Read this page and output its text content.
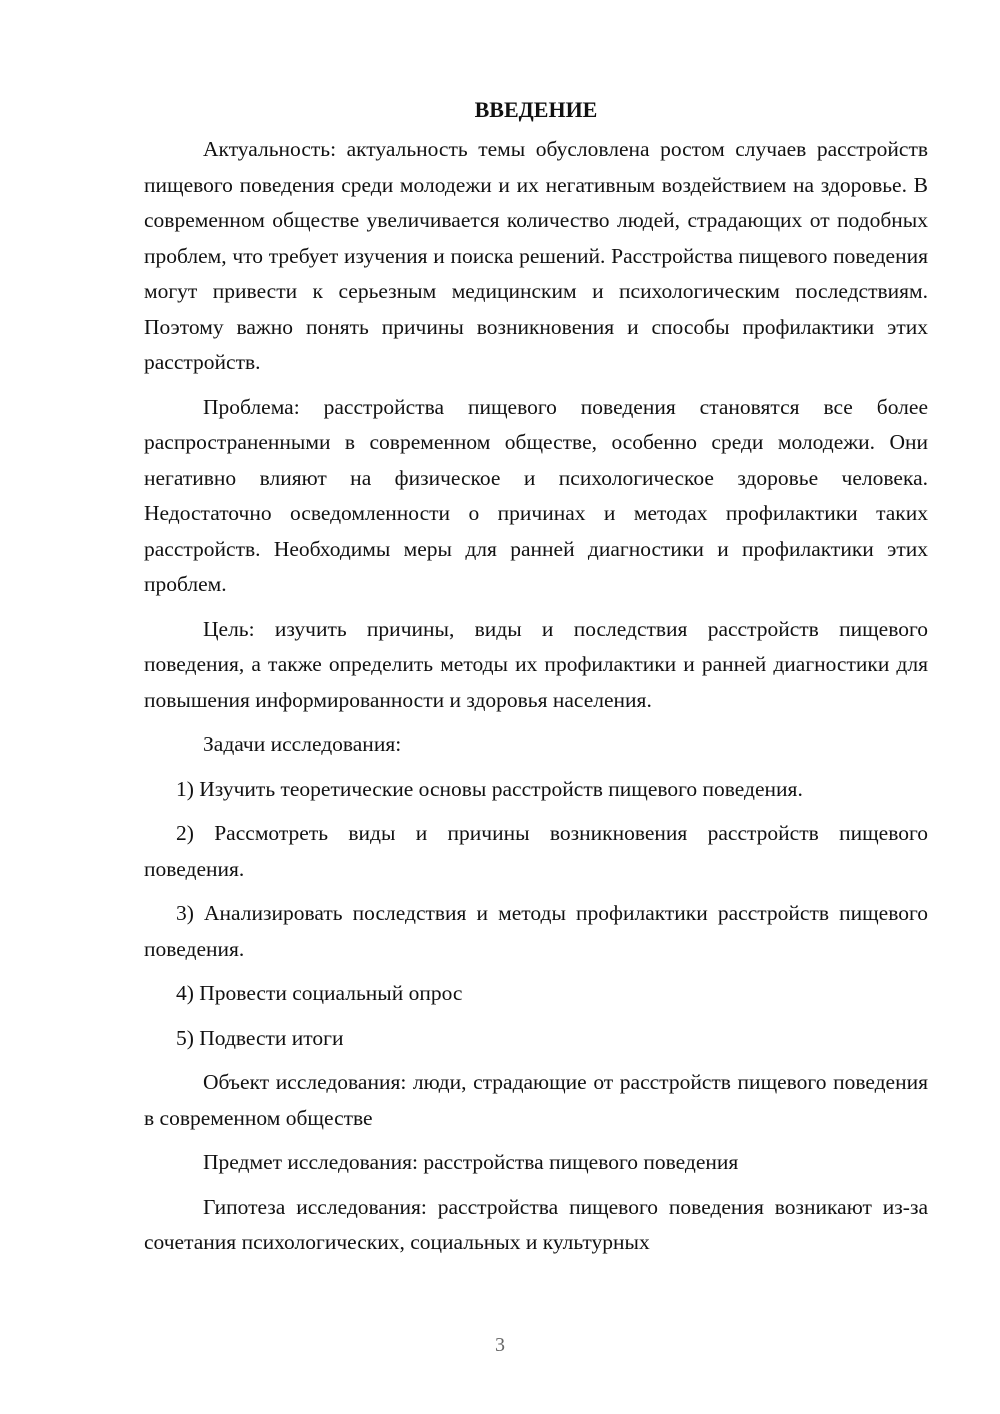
ВВЕДЕНИЕ

Актуальность: актуальность темы обусловлена ростом случаев расстройств пищевого поведения среди молодежи и их негативным воздействием на здоровье. В современном обществе увеличивается количество людей, страдающих от подобных проблем, что требует изучения и поиска решений. Расстройства пищевого поведения могут привести к серьезным медицинским и психологическим последствиям. Поэтому важно понять причины возникновения и способы профилактики этих расстройств.

Проблема: расстройства пищевого поведения становятся все более распространенными в современном обществе, особенно среди молодежи. Они негативно влияют на физическое и психологическое здоровье человека. Недостаточно осведомленности о причинах и методах профилактики таких расстройств. Необходимы меры для ранней диагностики и профилактики этих проблем.

Цель: изучить причины, виды и последствия расстройств пищевого поведения, а также определить методы их профилактики и ранней диагностики для повышения информированности и здоровья населения.

Задачи исследования:

1) Изучить теоретические основы расстройств пищевого поведения.

2) Рассмотреть виды и причины возникновения расстройств пищевого поведения.

3) Анализировать последствия и методы профилактики расстройств пищевого поведения.

4) Провести социальный опрос

5) Подвести итоги

Объект исследования: люди, страдающие от расстройств пищевого поведения в современном обществе

Предмет исследования: расстройства пищевого поведения

Гипотеза исследования: расстройства пищевого поведения возникают из-за сочетания психологических, социальных и культурных

3
